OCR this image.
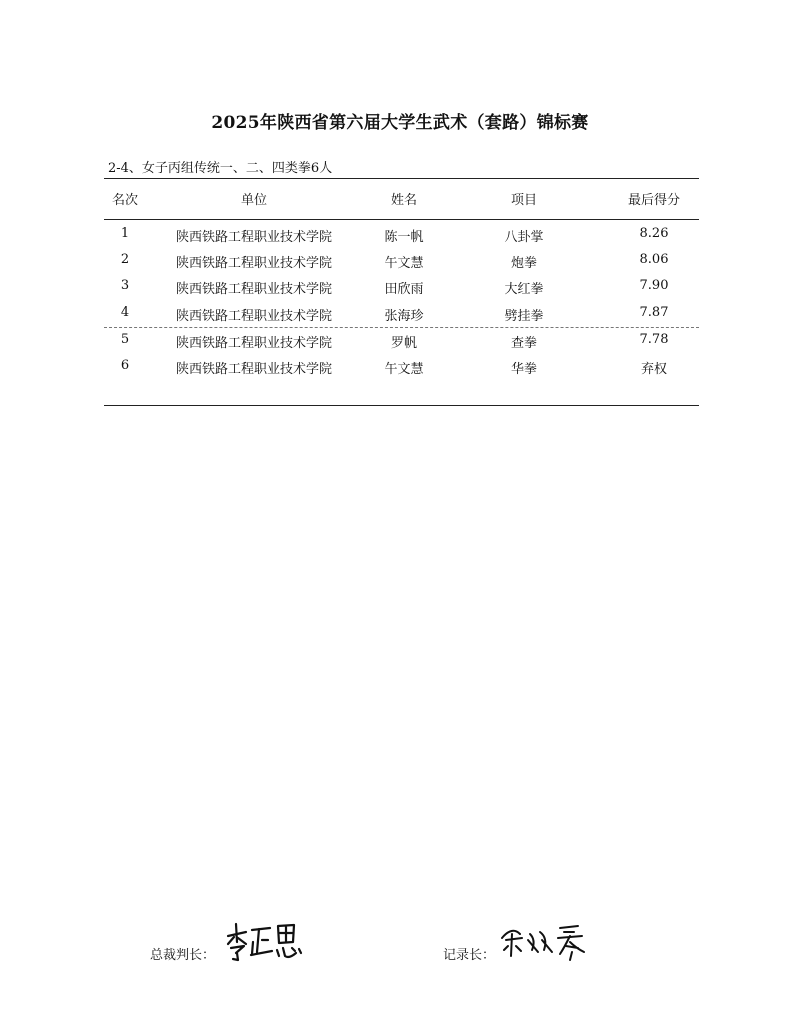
2025年陕西省第六届大学生武术（套路）锦标赛
2-4、女子丙组传统一、二、四类拳6人
名次	单位	姓名	项目	最后得分
1	陕西铁路工程职业技术学院	陈一帆	八卦掌	8.26
2	陕西铁路工程职业技术学院	午文慧	炮拳	8.06
3	陕西铁路工程职业技术学院	田欣雨	大红拳	7.90
4	陕西铁路工程职业技术学院	张海珍	劈挂拳	7.87
5	陕西铁路工程职业技术学院	罗帆	查拳	7.78
6	陕西铁路工程职业技术学院	午文慧	华拳	弃权
总裁判长：	记录长：
